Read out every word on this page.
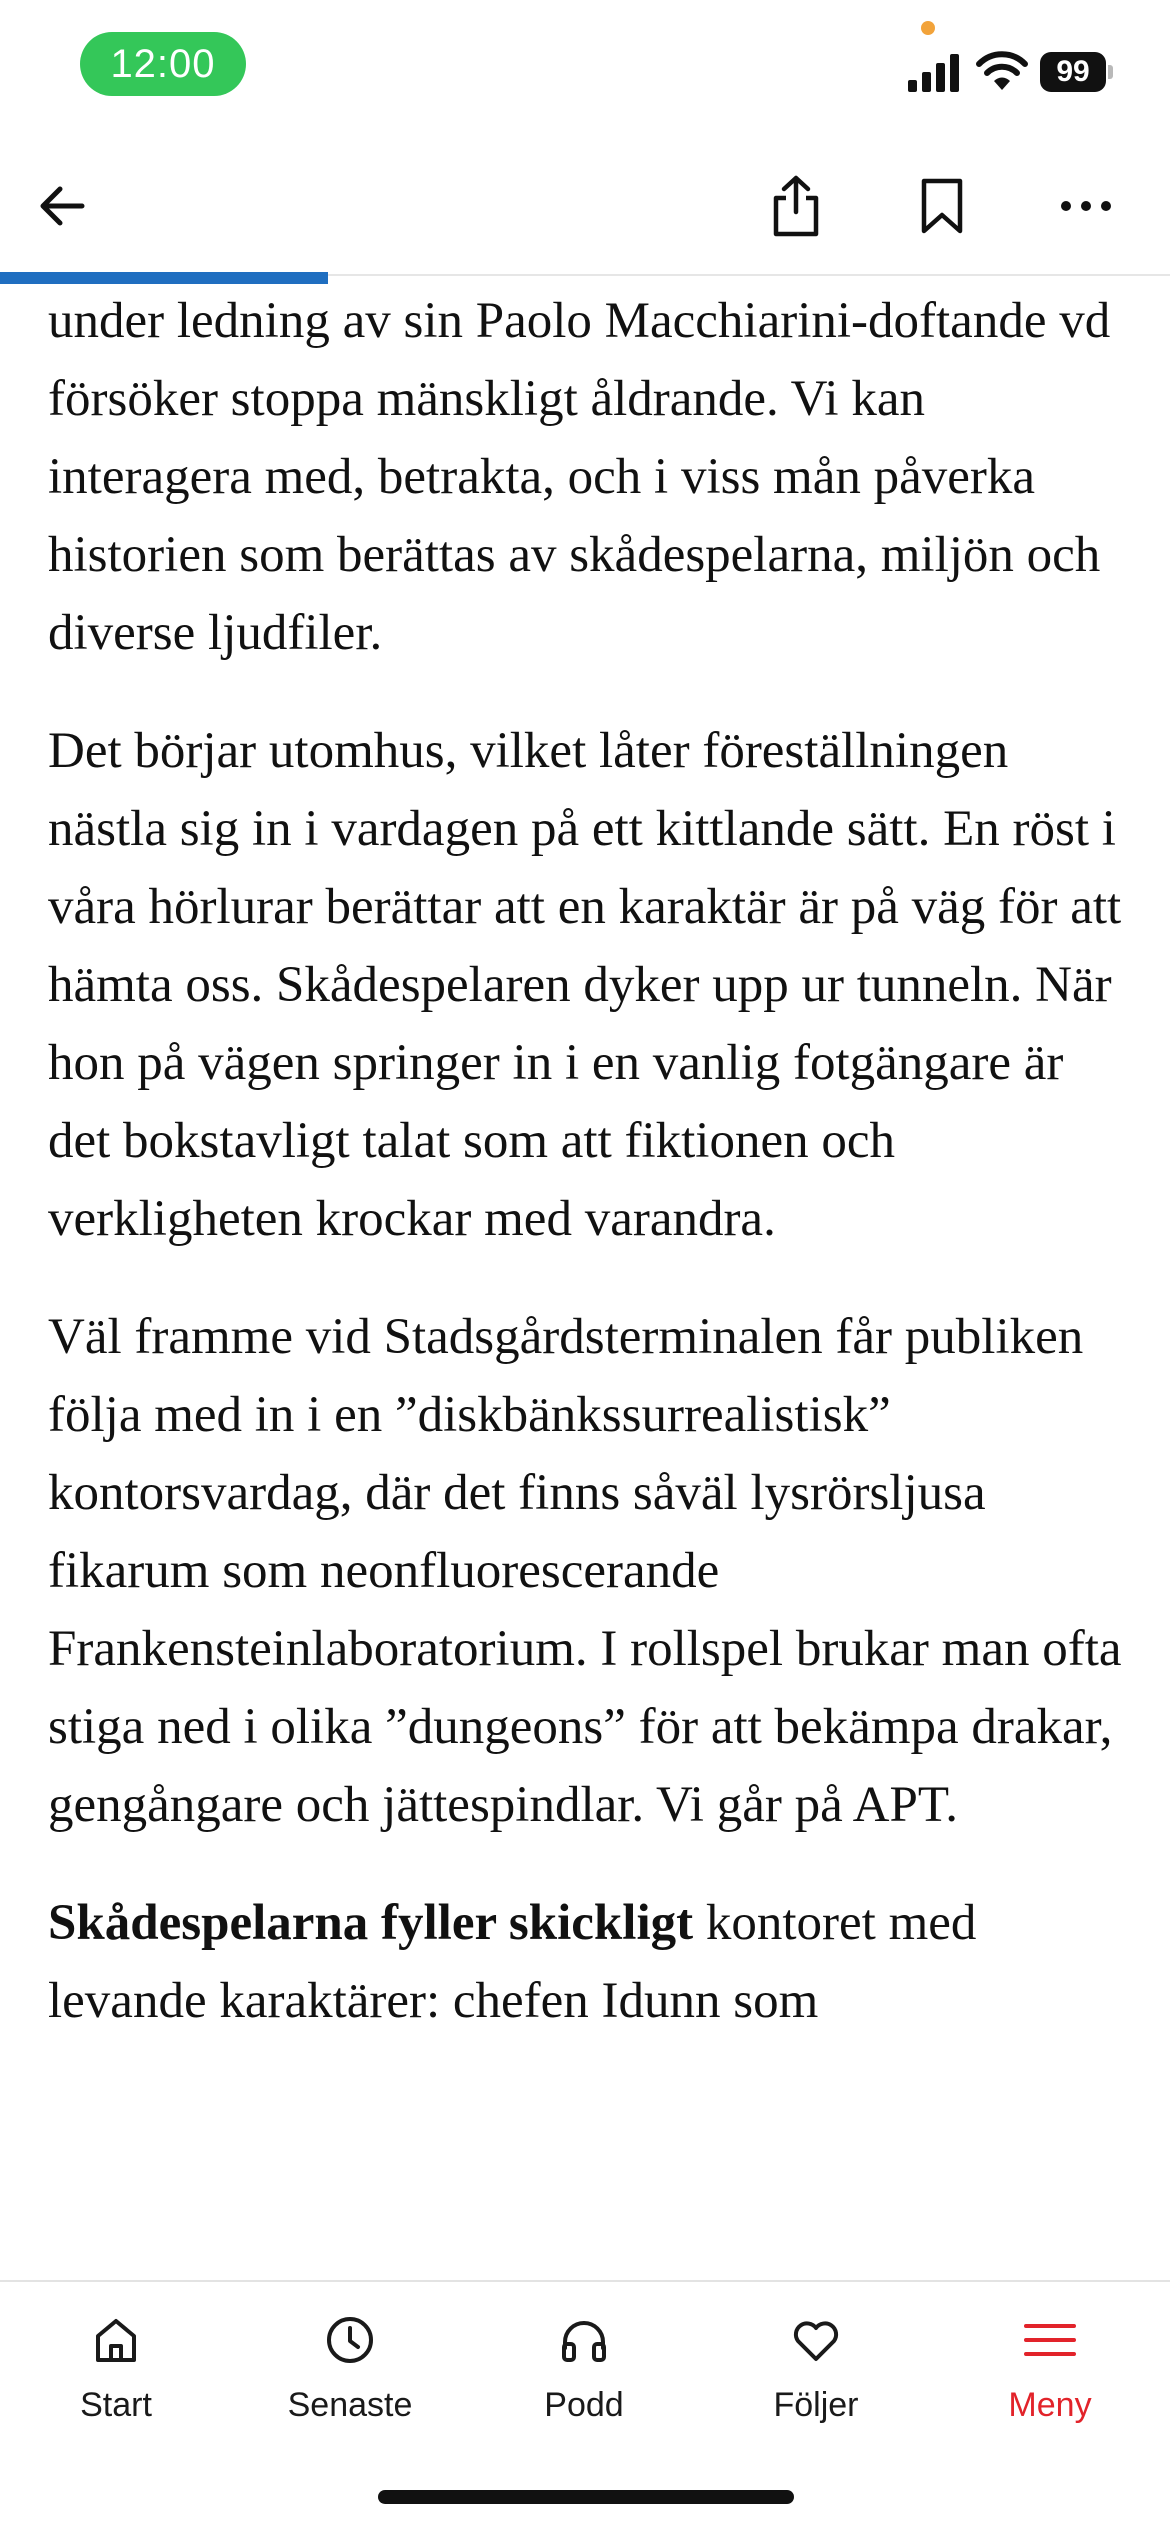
12:00	99

under ledning av sin Paolo Macchiarini-doftande vd försöker stoppa mänskligt åldrande. Vi kan interagera med, betrakta, och i viss mån påverka historien som berättas av skådespelarna, miljön och diverse ljudfiler.

Det börjar utomhus, vilket låter föreställningen nästla sig in i vardagen på ett kittlande sätt. En röst i våra hörlurar berättar att en karaktär är på väg för att hämta oss. Skådespelaren dyker upp ur tunneln. När hon på vägen springer in i en vanlig fotgängare är det bokstavligt talat som att fiktionen och verkligheten krockar med varandra.

Väl framme vid Stadsgårdsterminalen får publiken följa med in i en ”diskbänkssurrealistisk” kontorsvardag, där det finns såväl lysrörsljusa fikarum som neonfluorescerande Frankensteinlaboratorium. I rollspel brukar man ofta stiga ned i olika ”dungeons” för att bekämpa drakar, gengångare och jättespindlar. Vi går på APT.

Skådespelarna fyller skickligt kontoret med levande karaktärer: chefen Idunn som

Start	Senaste	Podd	Följer	Meny
